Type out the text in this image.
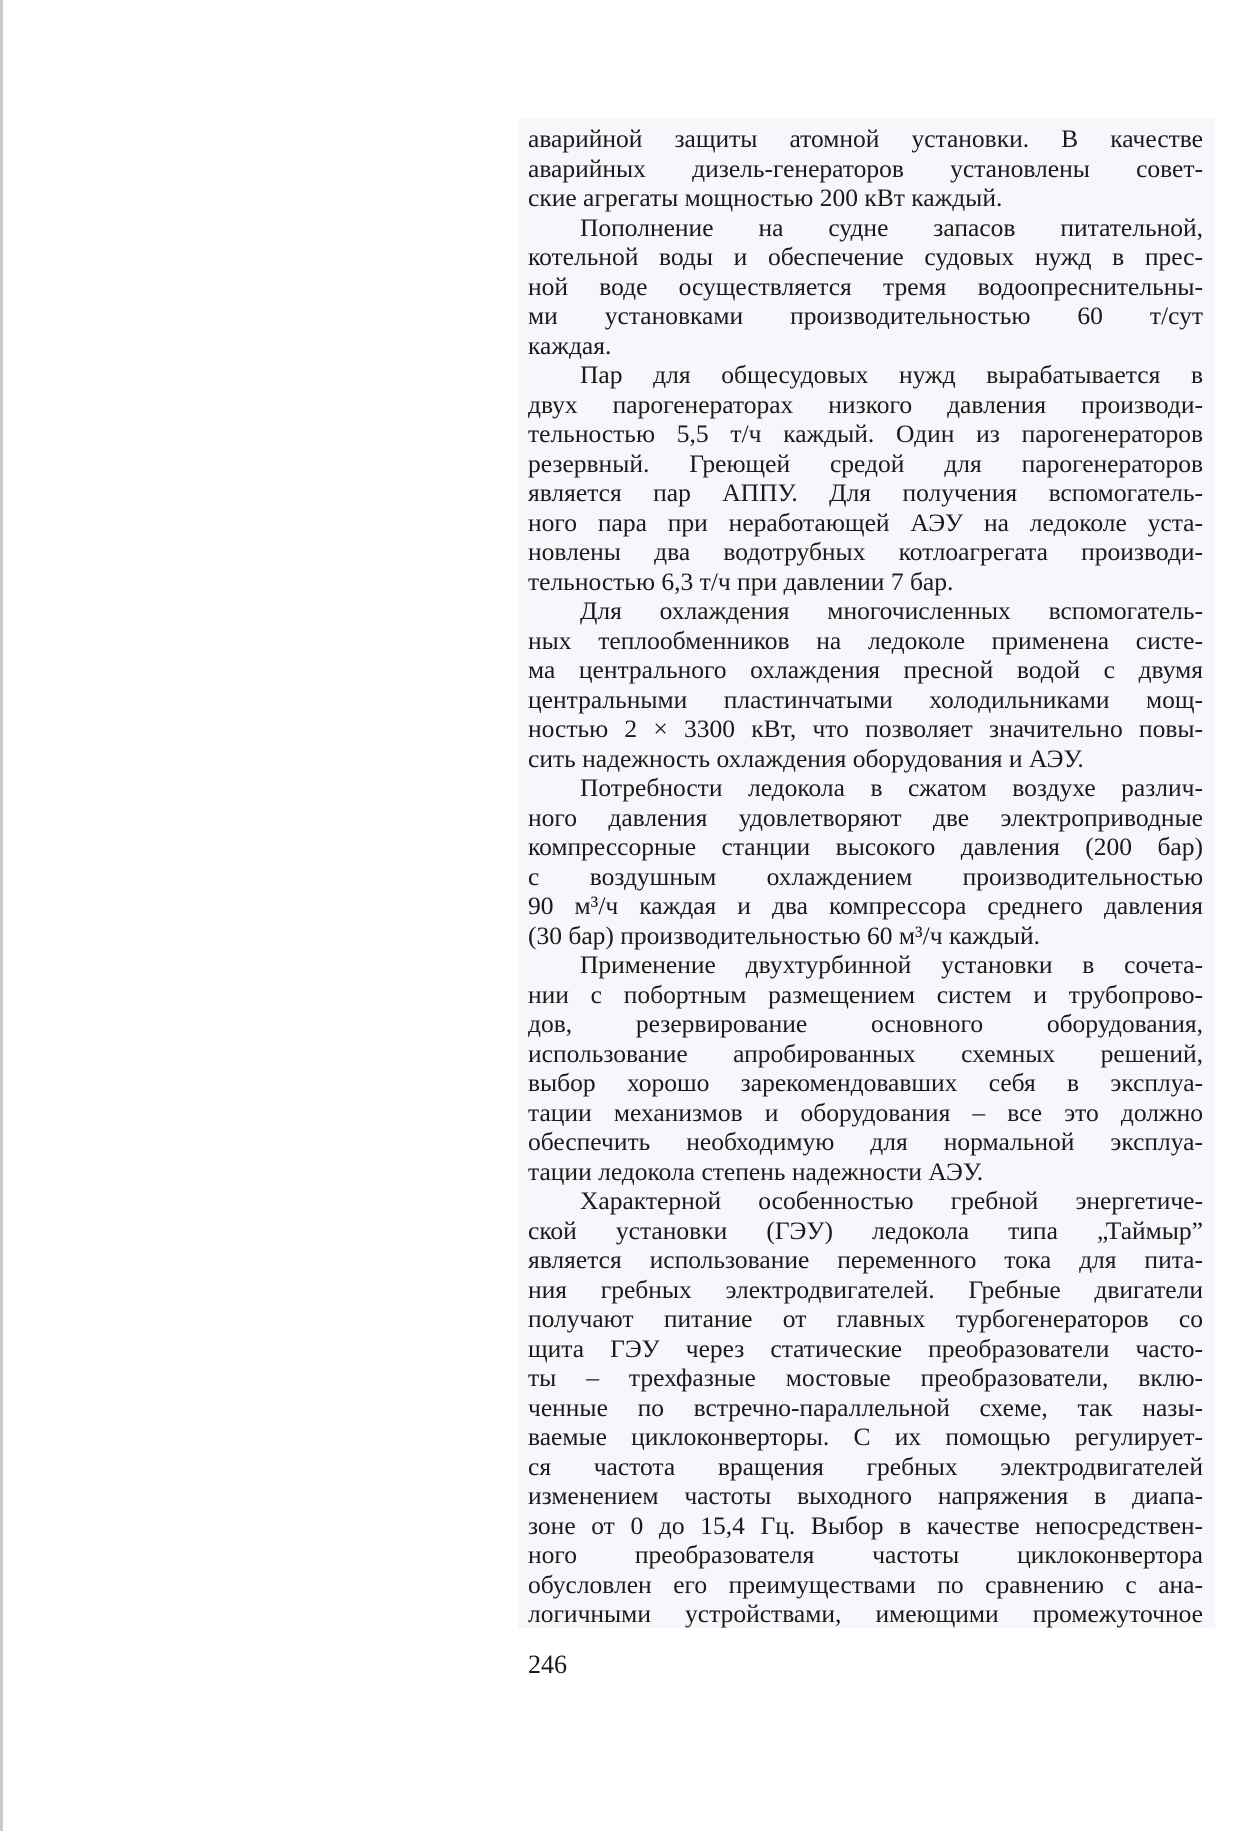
аварийной защиты атомной установки. В качестве
аварийных дизель-генераторов установлены совет-
ские агрегаты мощностью 200 кВт каждый.
Пополнение на судне запасов питательной,
котельной воды и обеспечение судовых нужд в прес-
ной воде осуществляется тремя водоопреснительны-
ми установками производительностью 60 т/сут
каждая.
Пар для общесудовых нужд вырабатывается в
двух парогенераторах низкого давления производи-
тельностью 5,5 т/ч каждый. Один из парогенераторов
резервный. Греющей средой для парогенераторов
является пар АППУ. Для получения вспомогатель-
ного пара при неработающей АЭУ на ледоколе уста-
новлены два водотрубных котлоагрегата производи-
тельностью 6,3 т/ч при давлении 7 бар.
Для охлаждения многочисленных вспомогатель-
ных теплообменников на ледоколе применена систе-
ма центрального охлаждения пресной водой с двумя
центральными пластинчатыми холодильниками мощ-
ностью 2 × 3300 кВт, что позволяет значительно повы-
сить надежность охлаждения оборудования и АЭУ.
Потребности ледокола в сжатом воздухе различ-
ного давления удовлетворяют две электроприводные
компрессорные станции высокого давления (200 бар)
с воздушным охлаждением производительностью
90 м³/ч каждая и два компрессора среднего давления
(30 бар) производительностью 60 м³/ч каждый.
Применение двухтурбинной установки в сочета-
нии с побортным размещением систем и трубопрово-
дов, резервирование основного оборудования,
использование апробированных схемных решений,
выбор хорошо зарекомендовавших себя в эксплуа-
тации механизмов и оборудования – все это должно
обеспечить необходимую для нормальной эксплуа-
тации ледокола степень надежности АЭУ.
Характерной особенностью гребной энергетиче-
ской установки (ГЭУ) ледокола типа „Таймыр”
является использование переменного тока для пита-
ния гребных электродвигателей. Гребные двигатели
получают питание от главных турбогенераторов со
щита ГЭУ через статические преобразователи часто-
ты – трехфазные мостовые преобразователи, вклю-
ченные по встречно-параллельной схеме, так назы-
ваемые циклоконверторы. С их помощью регулирует-
ся частота вращения гребных электродвигателей
изменением частоты выходного напряжения в диапа-
зоне от 0 до 15,4 Гц. Выбор в качестве непосредствен-
ного преобразователя частоты циклоконвертора
обусловлен его преимуществами по сравнению с ана-
логичными устройствами, имеющими промежуточное
246
